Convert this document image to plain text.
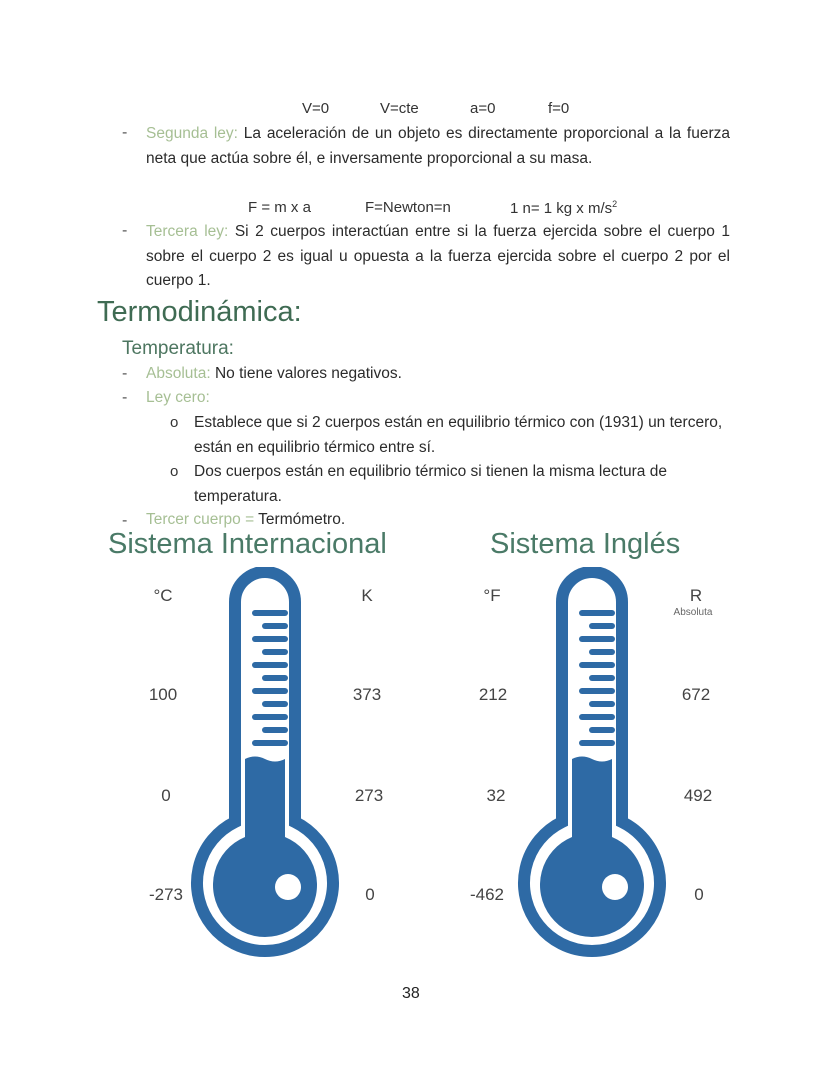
V=0	V=cte	a=0	f=0
- Segunda ley: La aceleración de un objeto es directamente proporcional a la fuerza neta que actúa sobre él, e inversamente proporcional a su masa.
F = m x a	F=Newton=n	1 n= 1 kg x $m/s^2$
- Tercera ley: Si 2 cuerpos interactúan entre si la fuerza ejercida sobre el cuerpo 1 sobre el cuerpo 2 es igual u opuesta a la fuerza ejercida sobre el cuerpo 2 por el cuerpo 1.
Termodinámica:
Temperatura:
- Absoluta: No tiene valores negativos.
- Ley cero:
o Establece que si 2 cuerpos están en equilibrio térmico con (1931) un tercero, están en equilibrio térmico entre sí.
o Dos cuerpos están en equilibrio térmico si tienen la misma lectura de temperatura.
- Tercer cuerpo = Termómetro.
Sistema Internacional	Sistema Inglés
°C	K
100	373
0	273
-273	0
°F	R
Absoluta
212	672
32	492
-462	0
38
